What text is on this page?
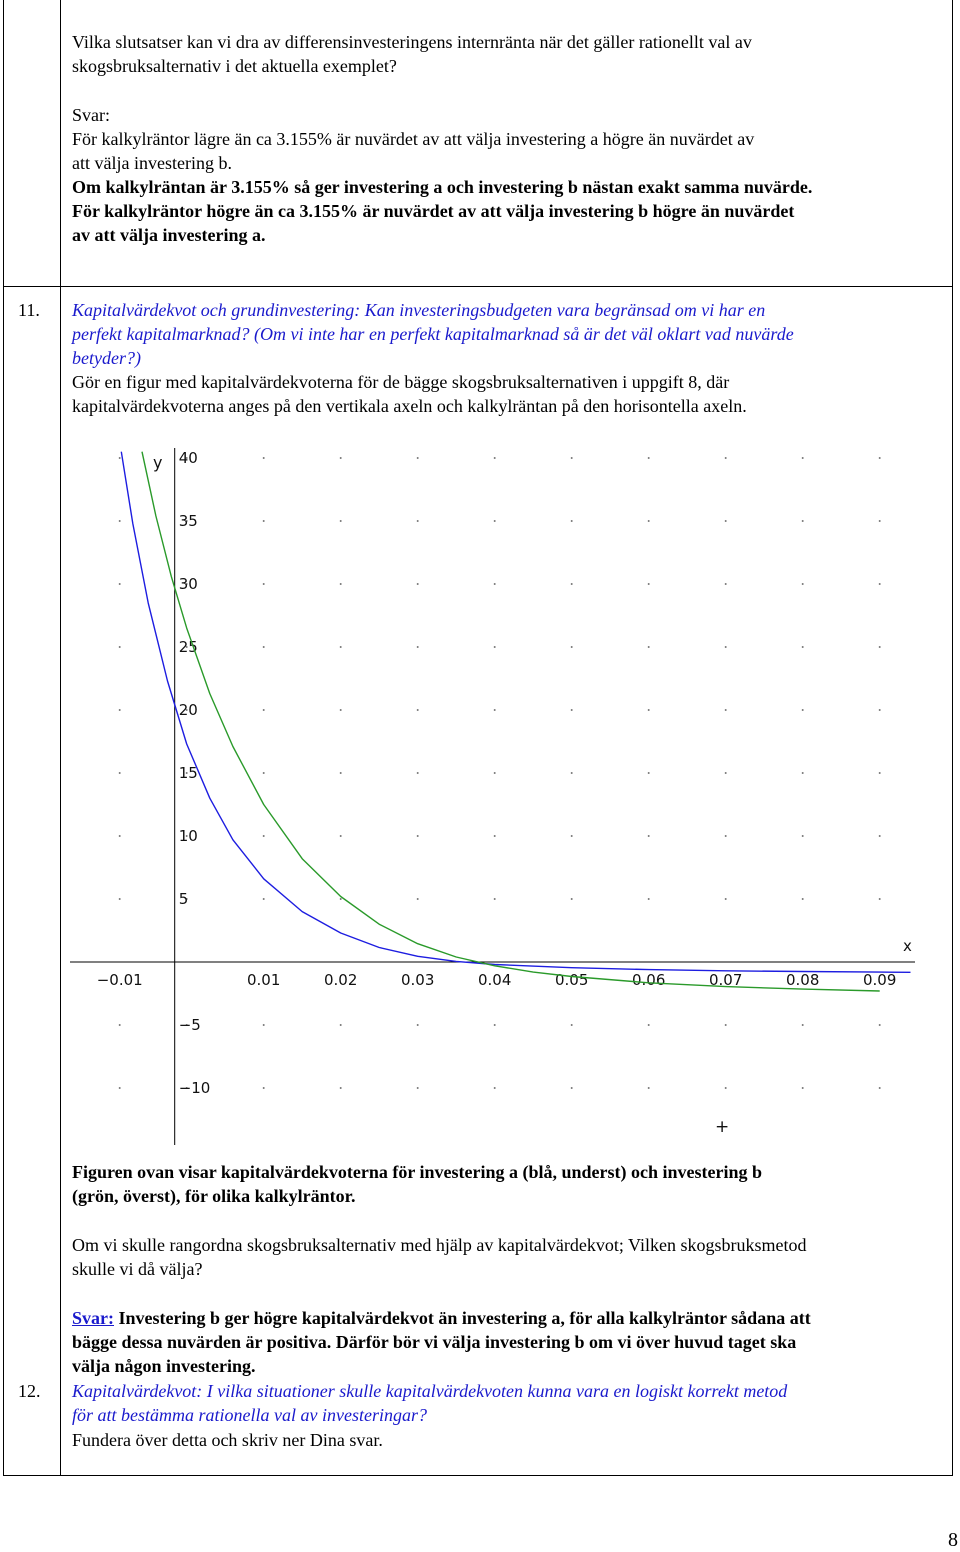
Vilka slutsatser kan vi dra av differensinvesteringens internränta när det gäller rationellt val av
skogsbruksalternativ i det aktuella exemplet?
Svar:
För kalkylräntor lägre än ca 3.155% är nuvärdet av att välja investering a högre än nuvärdet av
att välja investering b.
Om kalkylräntan är 3.155% så ger investering a och investering b nästan exakt samma nuvärde.
För kalkylräntor högre än ca 3.155% är nuvärdet av att välja investering b högre än nuvärdet
av att välja investering a.
11. Kapitalvärdekvot och grundinvestering: Kan investeringsbudgeten vara begränsad om vi har en
perfekt kapitalmarknad? (Om vi inte har en perfekt kapitalmarknad så är det väl oklart vad nuvärde
betyder?)
Gör en figur med kapitalvärdekvoterna för de bägge skogsbruksalternativen i uppgift 8, där
kapitalvärdekvoterna anges på den vertikala axeln och kalkylräntan på den horisontella axeln.
−0.01	0.01	0.02	0.03	0.04	0.05	0.06	0.07	0.08	0.09
−10
−5
5
10
15
20
25
30
35
40
x
y
+
Figuren ovan visar kapitalvärdekvoterna för investering a (blå, underst) och investering b
(grön, överst), för olika kalkylräntor.
Om vi skulle rangordna skogsbruksalternativ med hjälp av kapitalvärdekvot; Vilken skogsbruksmetod
skulle vi då välja?
Svar: Investering b ger högre kapitalvärdekvot än investering a, för alla kalkylräntor sådana att
bägge dessa nuvärden är positiva. Därför bör vi välja investering b om vi över huvud taget ska
välja någon investering.
12. Kapitalvärdekvot: I vilka situationer skulle kapitalvärdekvoten kunna vara en logiskt korrekt metod
för att bestämma rationella val av investeringar?
Fundera över detta och skriv ner Dina svar.
8
